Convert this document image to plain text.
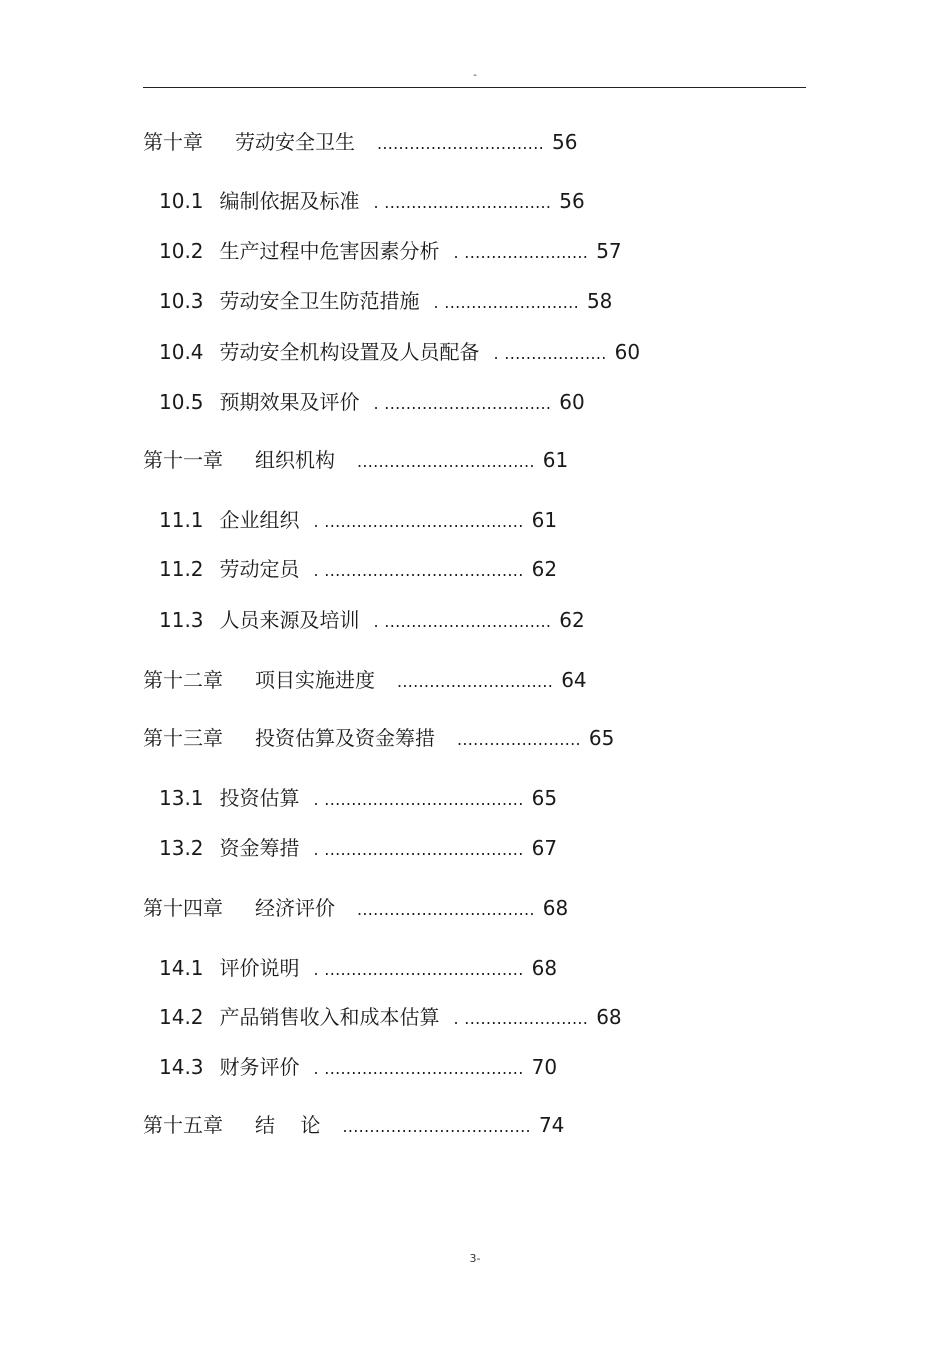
-
第十章 劳动安全卫生 ............................... 56
10.1 编制依据及标准 . ............................... 56
10.2 生产过程中危害因素分析 . ....................... 57
10.3 劳动安全卫生防范措施 . ......................... 58
10.4 劳动安全机构设置及人员配备 . ................... 60
10.5 预期效果及评价 . ............................... 60
第十一章 组织机构 ................................. 61
11.1 企业组织 . ..................................... 61
11.2 劳动定员 . ..................................... 62
11.3 人员来源及培训 . ............................... 62
第十二章 项目实施进度 ............................. 64
第十三章 投资估算及资金筹措 ....................... 65
13.1 投资估算 . ..................................... 65
13.2 资金筹措 . ..................................... 67
第十四章 经济评价 ................................. 68
14.1 评价说明 . ..................................... 68
14.2 产品销售收入和成本估算 . ....................... 68
14.3 财务评价 . ..................................... 70
第十五章 结    论 ................................... 74
3-
